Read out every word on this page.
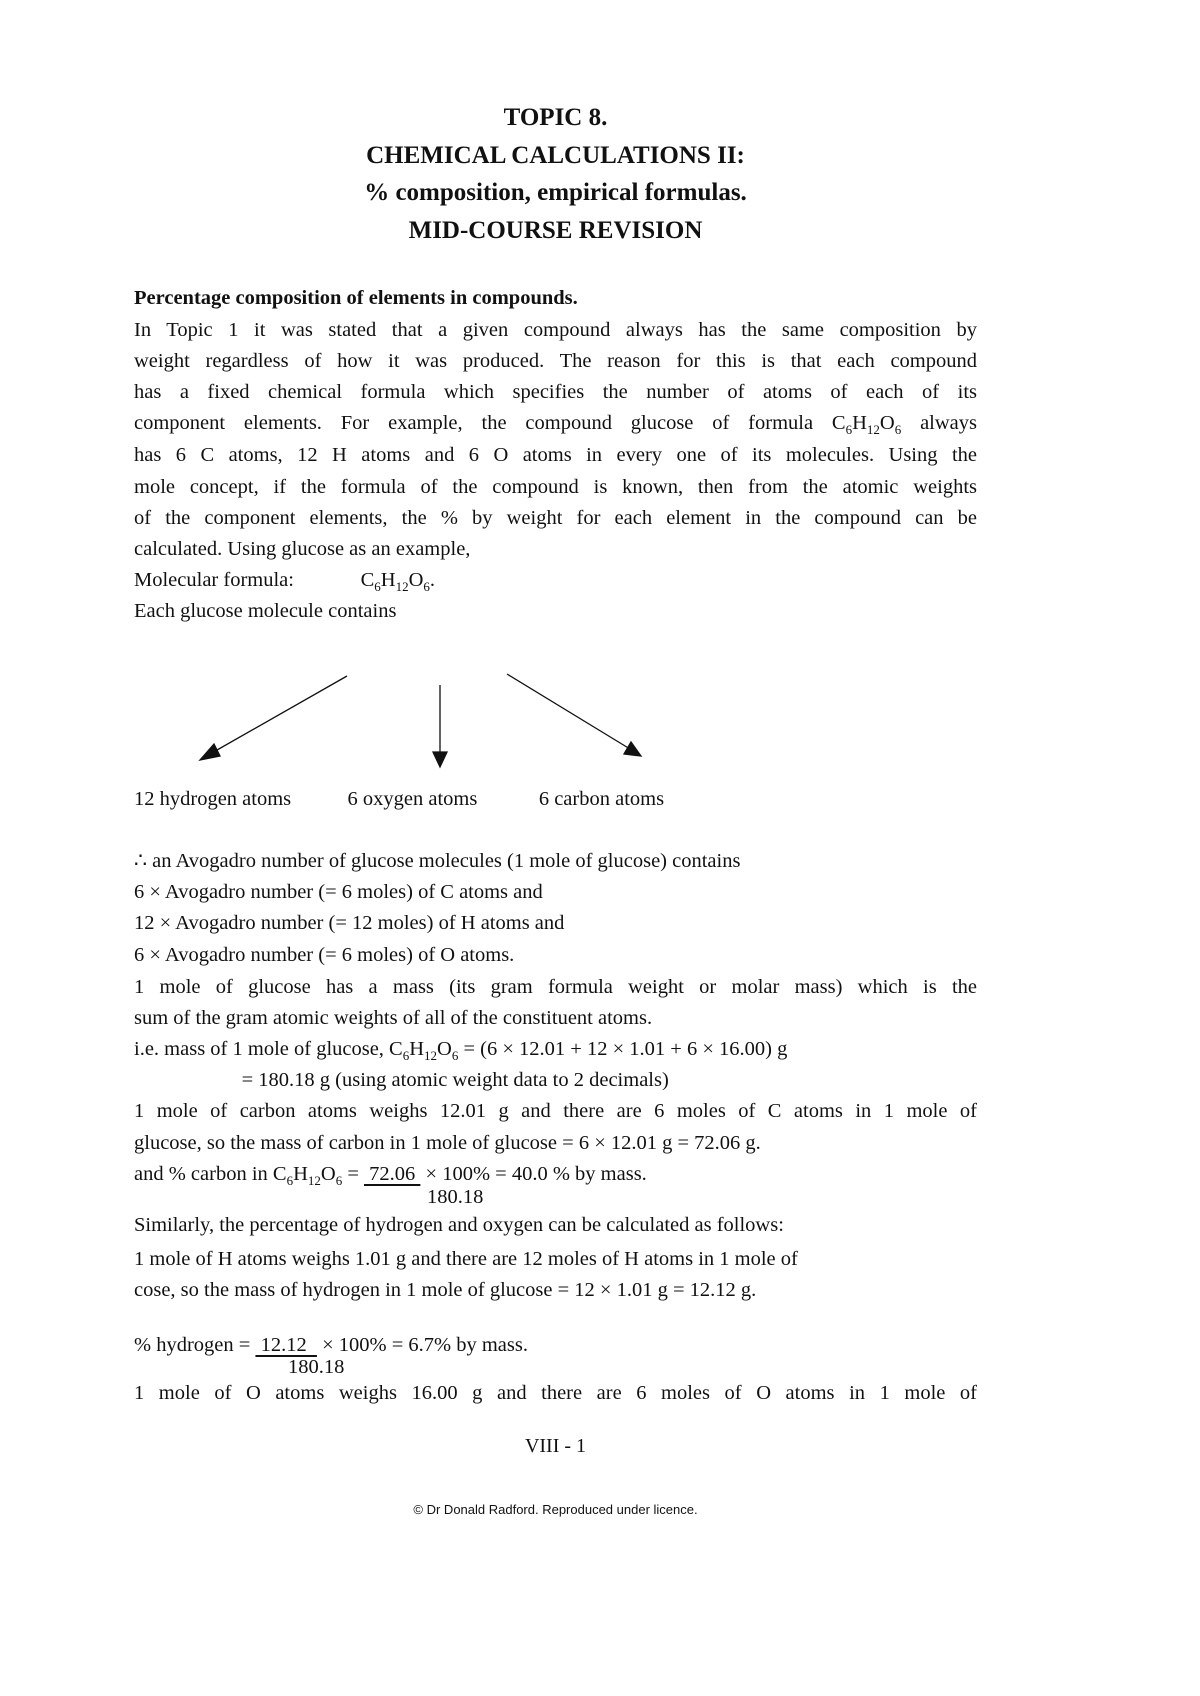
TOPIC 8.
CHEMICAL CALCULATIONS II:
% composition, empirical formulas.
MID-COURSE REVISION
Percentage composition of elements in compounds.
In Topic 1 it was stated that a given compound always has the same composition by
weight regardless of how it was produced. The reason for this is that each compound
has a fixed chemical formula which specifies the number of atoms of each of its
component elements. For example, the compound glucose of formula $C_6H_{12}O_6$ always
has 6 C atoms, 12 H atoms and 6 O atoms in every one of its molecules. Using the
mole concept, if the formula of the compound is known, then from the atomic weights
of the component elements, the % by weight for each element in the compound can be
calculated. Using glucose as an example,
Molecular formula:             $C_6H_{12}O_6$.
Each glucose molecule contains
12 hydrogen atoms           6 oxygen atoms            6 carbon atoms
∴ an Avogadro number of glucose molecules (1 mole of glucose) contains
6 × Avogadro number (= 6 moles) of C atoms and
12 × Avogadro number (= 12 moles) of H atoms and
6 × Avogadro number (= 6 moles) of O atoms.
1 mole of glucose has a mass (its gram formula weight or molar mass) which is the
sum of the gram atomic weights of all of the constituent atoms.
i.e. mass of 1 mole of glucose, $C_6H_{12}O_6 = (6 \times 12.01 + 12 \times 1.01 + 6 \times 16.00)$ g
= 180.18 g (using atomic weight data to 2 decimals)
1 mole of carbon atoms weighs 12.01 g and there are 6 moles of C atoms in 1 mole of
glucose, so the mass of carbon in 1 mole of glucose = 6 × 12.01 g = 72.06 g.
and % carbon in $C_6H_{12}O_6 = 72.06 \times 100\% = 40.0$ % by mass.
180.18
Similarly, the percentage of hydrogen and oxygen can be calculated as follows:
1 mole of H atoms weighs 1.01 g and there are 12 moles of H atoms in 1 mole of
cose, so the mass of hydrogen in 1 mole of glucose = 12 × 1.01 g = 12.12 g.
% hydrogen =  12.12   × 100% = 6.7% by mass.
180.18
1 mole of O atoms weighs 16.00 g and there are 6 moles of O atoms in 1 mole of
VIII - 1
© Dr Donald Radford. Reproduced under licence.
